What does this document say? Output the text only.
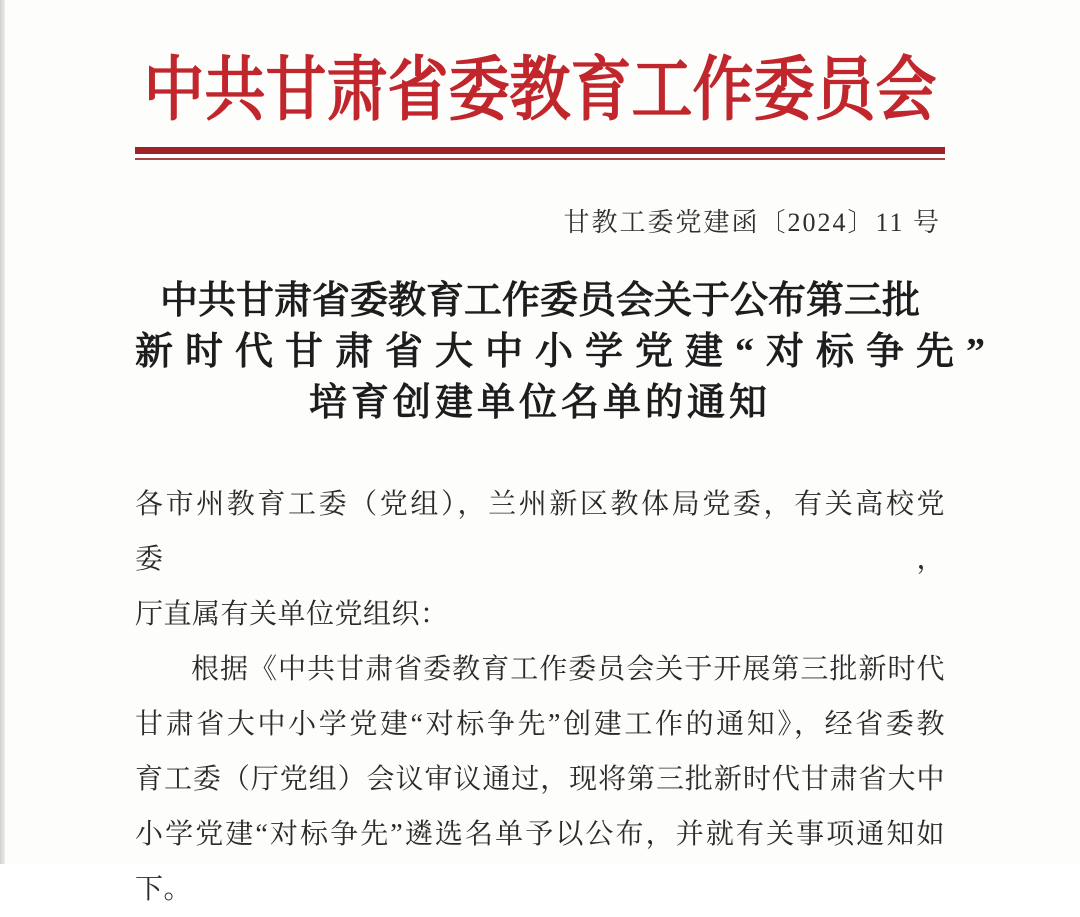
中共甘肃省委教育工作委员会
甘教工委党建函〔2024〕11 号
中共甘肃省委教育工作委员会关于公布第三批
新时代甘肃省大中小学党建“对标争先”
培育创建单位名单的通知
各市州教育工委（党组），兰州新区教体局党委，有关高校党委，
厅直属有关单位党组织：
根据《中共甘肃省委教育工作委员会关于开展第三批新时代
甘肃省大中小学党建“对标争先”创建工作的通知》，经省委教
育工委（厅党组）会议审议通过，现将第三批新时代甘肃省大中
小学党建“对标争先”遴选名单予以公布，并就有关事项通知如
下。
